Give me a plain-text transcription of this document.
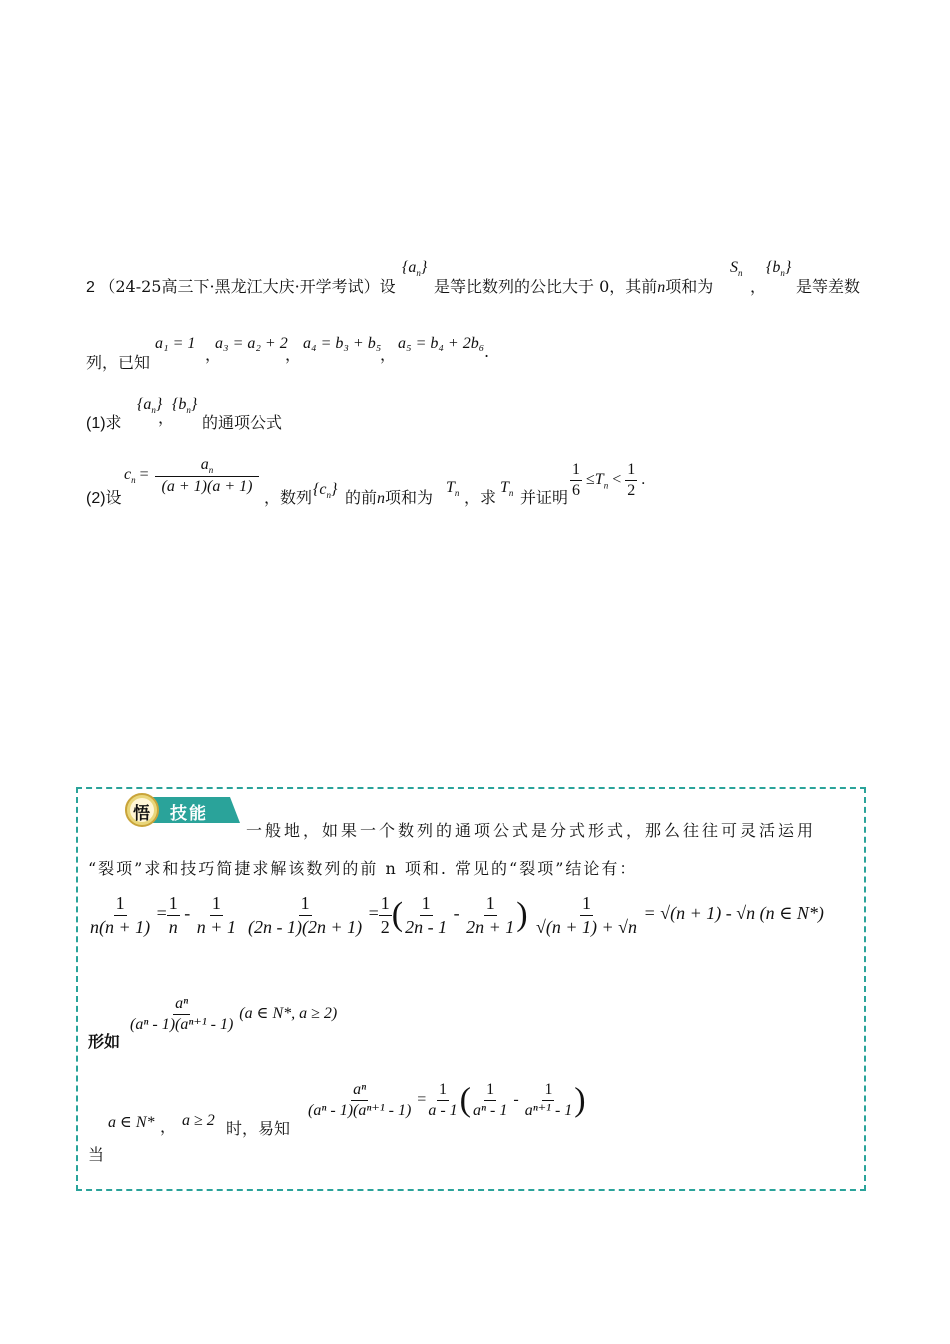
2 （24-25高三下·黑龙江大庆·开学考试）设
$\{a_n\}$
是等比数列的公比大于 0，其前n项和为
$S_n$
，
$\{b_n\}$
是等差数
列，已知
a₁ = 1
，
a₃ = a₂ + 2
，
a₄ = b₃ + b₅
，
a₅ = b₄ + 2b₆ .
(1)求
$\{a_n\}$
，
$\{b_n\}$
的通项公式
(2)设
$c_n = \frac{a_n}{(a + 1)(a + 1)}$
，数列 $\{c_n\}$ 的前n项和为
$T_n$ ，求
$T_n$ 并证明 $\frac{1}{6} \le T_n < \frac{1}{2}$ .
悟 技能
一般地，如果一个数列的通项公式是分式形式，那么往往可灵活运用
“裂项”求和技巧简捷求解该数列的前 n 项和. 常见的“裂项”结论有：
$\frac{1}{n(n + 1)} = \frac{1}{n} - \frac{1}{n + 1} \frac{1}{(2n - 1)(2n + 1)} = \frac{1}{2}$ ( $\frac{1}{2n - 1} - \frac{1}{2n + 1}$ ) $\frac{1}{√(n + 1) + √n} = √(n + 1) - √n$ (n ∈ N*)
形如
$\frac{\text{aⁿ}}{\text{(aⁿ - 1)(aⁿ⁺¹ - 1)}} (a$ ∈ N*, a ≥ 2)
当
a ∈ N* ， a ≥ 2 时，易知
$\frac{\text{aⁿ}}{\text{(aⁿ - 1)(aⁿ⁺¹ - 1)}} = \frac{1}{a - 1}$ ( $\frac{1}{\text{aⁿ - 1}} - \frac{1}{\text{aⁿ⁺¹ - 1}}$ )
